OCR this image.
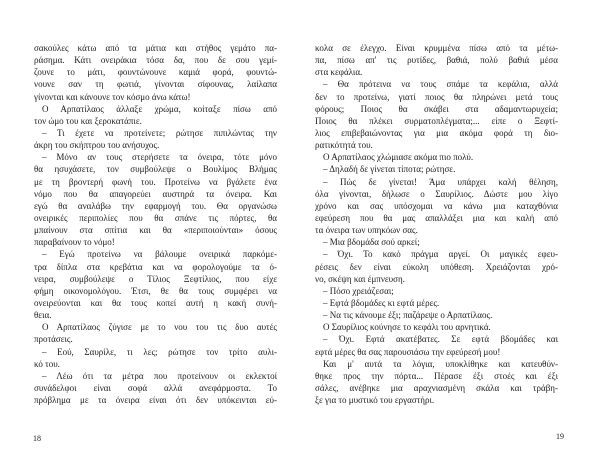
σακούλες κάτω από τα μάτια και στήθος γεμάτο πα-
ράσημα. Κάτι ονειράκια τόσα δα, που δε σου γεμί-
ζουνε το μάτι, φουντώνουνε καμιά φορά, φουντώ-
νουνε σαν τη φωτιά, γίνονται σίφουνας, λαίλαπα
γίνονται και κάνουνε τον κόσμο άνω κάτω!
Ο Αρπατίλαος άλλαξε χρώμα, κοίταξε πίσω από
τον ώμο του και ξεροκατάπιε.
– Τι έχετε να προτείνετε; ρώτησε πιπιλώντας την
άκρη του σκήπτρου του ανήσυχος.
– Μόνο αν τους στερήσετε τα όνειρα, τότε μόνο
θα ησυχάσετε, τον συμβούλεψε ο Βουλίμος Βλήμας
με τη βροντερή φωνή του. Προτείνω να βγάλετε ένα
νόμο που θα απαγορεύει αυστηρά τα όνειρα. Και
εγώ θα αναλάβω την εφαρμογή του. Θα οργανώσω
ονειρικές περιπολίες που θα σπάνε τις πόρτες, θα
μπαίνουν στα σπίτια και θα «περιποιούνται» όσους
παραβαίνουν το νόμο!
– Εγώ προτείνω να βάλουμε ονειρικά παρκόμε-
τρα δίπλα στα κρεβάτια και να φορολογούμε τα ό-
νειρα, συμβούλεψε ο Τίλιος Ξεφτίλιος, που είχε
φήμη οικονομολόγου. Έτσι, θε θα τους συμφέρει να
ονειρεύονται και θα τους κοπεί αυτή η κακή συνή-
θεια.
Ο Αρπατίλαος ζύγισε με το νου του τις δυο αυτές
προτάσεις.
– Εού, Σαυρίλε, τι λες; ρώτησε τον τρίτο αυλι-
κό του.
– Λέω ότι τα μέτρα που προτείνουν οι εκλεκτοί
συνάδελφοι είναι σοφά αλλά ανεφάρμοστα. Το
πρόβλημα με τα όνειρα είναι ότι δεν υπόκεινται εύ-
κολα σε έλεγχο. Είναι κρυμμένα πίσω από τα μέτω-
πα, πίσω απ' τις ρυτίδες, βαθιά, πολύ βαθιά μέσα
στα κεφάλια.
– Θα πρότεινα να τους σπάμε τα κεφάλια, αλλά
δεν το προτείνω, γιατί ποιος θα πληρώνει μετά τους
φόρους; Ποιος θα σκάβει στα αδαμαντωρυχεία;
Ποιος θα πλέκει συρματοπλέγματα;... είπε ο Ξεφτί-
λιος επιβεβαιώνοντας για μια ακόμα φορά τη διο-
ρατικότητά του.
Ο Αρπατίλαος χλώμιασε ακόμα πιο πολύ.
– Δηλαδή δε γίνεται τίποτα; ρώτησε.
– Πώς δε γίνεται! Άμα υπάρχει καλή θέληση,
όλα γίνονται, δήλωσε ο Σαυρίλιος. Δώστε μου λίγο
χρόνο και σας υπόσχομαι να κάνω μια καταχθόνια
εφεύρεση που θα μας απαλλάξει μια και καλή από
τα όνειρα των υπηκόων σας.
– Μια βδομάδα σού αρκεί;
– Όχι. Το κακό πράγμα αργεί. Οι μαγικές εφευ-
ρέσεις δεν είναι εύκολη υπόθεση. Χρειάζονται χρό-
νο, σκέψη και έμπνευση.
– Πόσο χρειάζεσαι;
– Εφτά βδομάδες κι εφτά μέρες.
– Να τις κάνουμε έξι; παζάρεψε ο Αρπατίλαος.
Ο Σαυρίλιος κούνησε το κεφάλι του αρνητικά.
– Όχι. Εφτά ακατέβατες. Σε εφτά βδομάδες και
εφτά μέρες θα σας παρουσιάσω την εφεύρεσή μου!
Και μ' αυτά τα λόγια, υποκλίθηκε και κατευθύν-
θηκε προς την πόρτα... Πέρασε έξι στοές και έξι
σάλες, ανέβηκε μια αραχνιασμένη σκάλα και τράβη-
ξε για το μυστικό του εργαστήρι.
18	19
